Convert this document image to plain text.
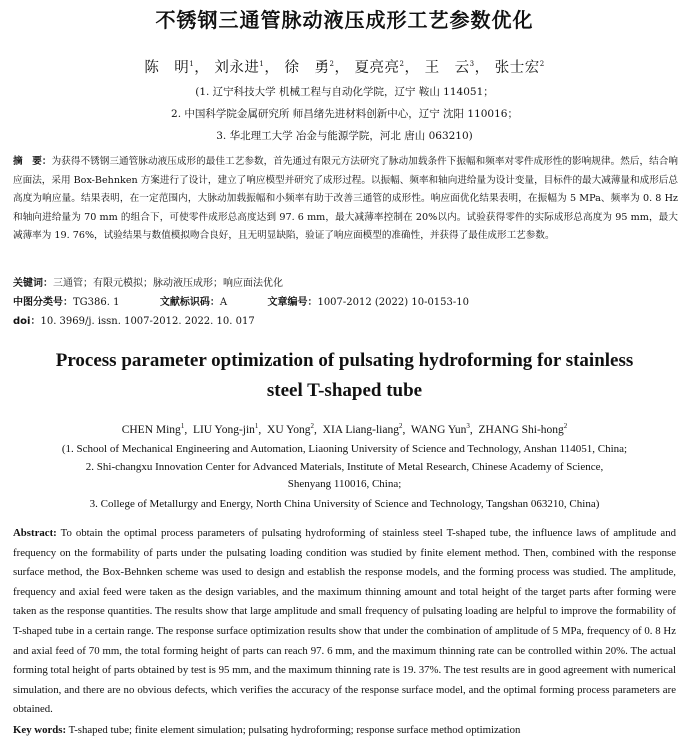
不锈钢三通管脉动液压成形工艺参数优化
陈　明$^1$， 刘永进$^1$， 徐　勇$^2$， 夏亮亮$^2$， 王　云$^3$， 张士宏$^2$
(1. 辽宁科技大学 机械工程与自动化学院，辽宁 鞍山 114051；
2. 中国科学院金属研究所 师昌绪先进材料创新中心，辽宁 沈阳 110016；
3. 华北理工大学 冶金与能源学院，河北 唐山 063210)
摘　要：为获得不锈钢三通管脉动液压成形的最佳工艺参数，首先通过有限元方法研究了脉动加载条件下振幅和频率对零件成形性的影响规律。然后，结合响应面法，采用 Box-Behnken 方案进行了设计，建立了响应模型并研究了成形过程。以振幅、频率和轴向进给量为设计变量，目标件的最大减薄量和成形后总高度为响应量。结果表明，在一定范围内，大脉动加载振幅和小频率有助于改善三通管的成形性。响应面优化结果表明，在振幅为 5 MPa、频率为 0. 8 Hz 和轴向进给量为 70 mm 的组合下，可使零件成形总高度达到 97. 6 mm，最大减薄率控制在 20%以内。试验获得零件的实际成形总高度为 95 mm，最大减薄率为 19. 76%，试验结果与数值模拟吻合良好，且无明显缺陷，验证了响应面模型的准确性，并获得了最佳成形工艺参数。
关键词：三通管；有限元模拟；脉动液压成形；响应面法优化
中图分类号：TG386. 1	文献标识码：A	文章编号：1007-2012 (2022) 10-0153-10
doi：10. 3969/j. issn. 1007-2012. 2022. 10. 017
Process parameter optimization of pulsating hydroforming for stainless
steel T-shaped tube
CHEN Ming$^1$,  LIU Yong-jin$^1$,  XU Yong$^2$,  XIA Liang-liang$^2$,  WANG Yun$^3$,  ZHANG Shi-hong$^2$
(1. School of Mechanical Engineering and Automation, Liaoning University of Science and Technology, Anshan 114051, China;
2. Shi-changxu Innovation Center for Advanced Materials, Institute of Metal Research, Chinese Academy of Science,
Shenyang 110016, China;
3. College of Metallurgy and Energy, North China University of Science and Technology, Tangshan 063210, China)
Abstract: To obtain the optimal process parameters of pulsating hydroforming of stainless steel T-shaped tube, the influence laws of amplitude and frequency on the formability of parts under the pulsating loading condition was studied by finite element method. Then, combined with the response surface method, the Box-Behnken scheme was used to design and establish the response models, and the forming process was studied. The amplitude, frequency and axial feed were taken as the design variables, and the maximum thinning amount and total height of the target parts after forming were taken as the response quantities. The results show that large amplitude and small frequency of pulsating loading are helpful to improve the formability of T-shaped tube in a certain range. The response surface optimization results show that under the combination of amplitude of 5 MPa, frequency of 0. 8 Hz and axial feed of 70 mm, the total forming height of parts can reach 97. 6 mm, and the maximum thinning rate can be controlled within 20%. The actual forming total height of parts obtained by test is 95 mm, and the maximum thinning rate is 19. 37%. The test results are in good agreement with numerical simulation, and there are no obvious defects, which verifies the accuracy of the response surface model, and the optimal forming process parameters are obtained.
Key words: T-shaped tube; finite element simulation; pulsating hydroforming; response surface method optimization
